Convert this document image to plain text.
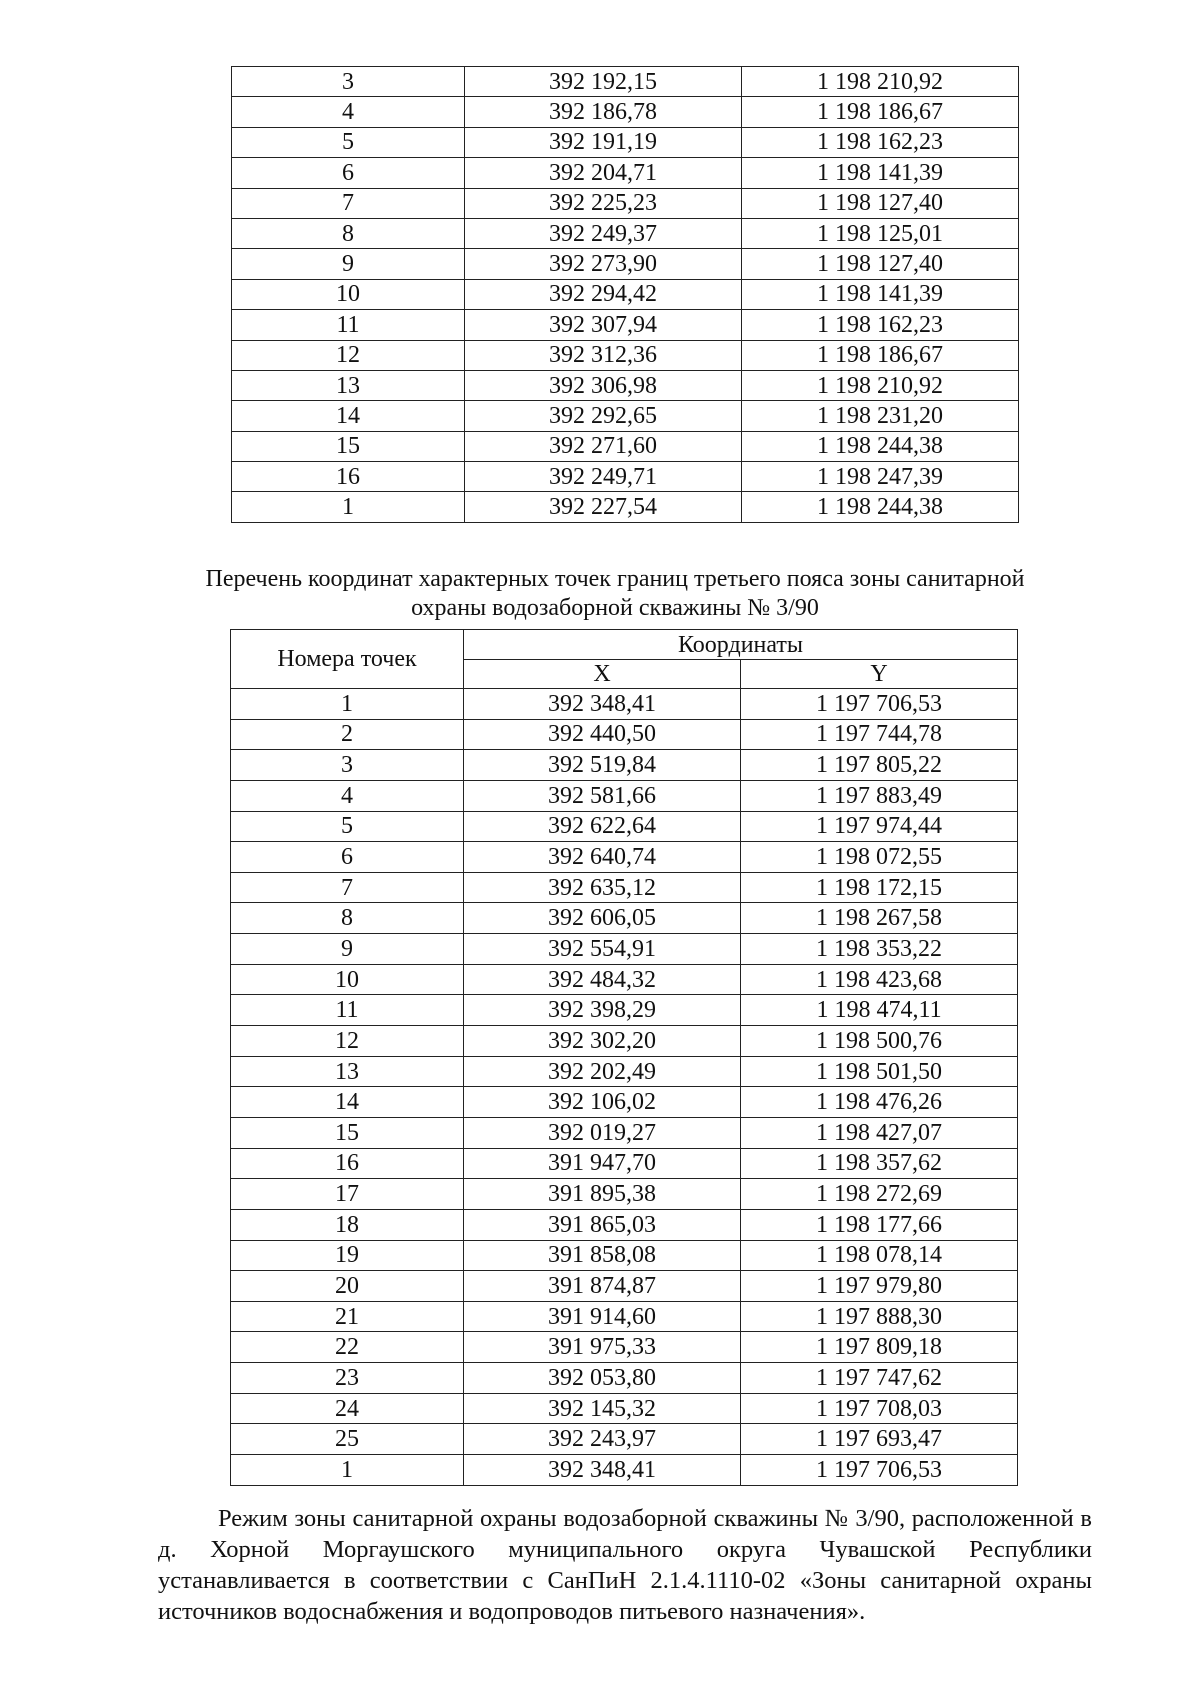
3	392 192,15	1 198 210,92
4	392 186,78	1 198 186,67
5	392 191,19	1 198 162,23
6	392 204,71	1 198 141,39
7	392 225,23	1 198 127,40
8	392 249,37	1 198 125,01
9	392 273,90	1 198 127,40
10	392 294,42	1 198 141,39
11	392 307,94	1 198 162,23
12	392 312,36	1 198 186,67
13	392 306,98	1 198 210,92
14	392 292,65	1 198 231,20
15	392 271,60	1 198 244,38
16	392 249,71	1 198 247,39
1	392 227,54	1 198 244,38
Перечень координат характерных точек границ третьего пояса зоны санитарной
охраны водозаборной скважины № 3/90
Номера точек	Координаты	
	X	Y
1	392 348,41	1 197 706,53
2	392 440,50	1 197 744,78
3	392 519,84	1 197 805,22
4	392 581,66	1 197 883,49
5	392 622,64	1 197 974,44
6	392 640,74	1 198 072,55
7	392 635,12	1 198 172,15
8	392 606,05	1 198 267,58
9	392 554,91	1 198 353,22
10	392 484,32	1 198 423,68
11	392 398,29	1 198 474,11
12	392 302,20	1 198 500,76
13	392 202,49	1 198 501,50
14	392 106,02	1 198 476,26
15	392 019,27	1 198 427,07
16	391 947,70	1 198 357,62
17	391 895,38	1 198 272,69
18	391 865,03	1 198 177,66
19	391 858,08	1 198 078,14
20	391 874,87	1 197 979,80
21	391 914,60	1 197 888,30
22	391 975,33	1 197 809,18
23	392 053,80	1 197 747,62
24	392 145,32	1 197 708,03
25	392 243,97	1 197 693,47
1	392 348,41	1 197 706,53
Режим зоны санитарной охраны водозаборной скважины № 3/90, расположенной в д. Хорной Моргаушского муниципального округа Чувашской Республики устанавливается в соответствии с СанПиН 2.1.4.1110-02 «Зоны санитарной охраны источников водоснабжения и водопроводов питьевого назначения».
